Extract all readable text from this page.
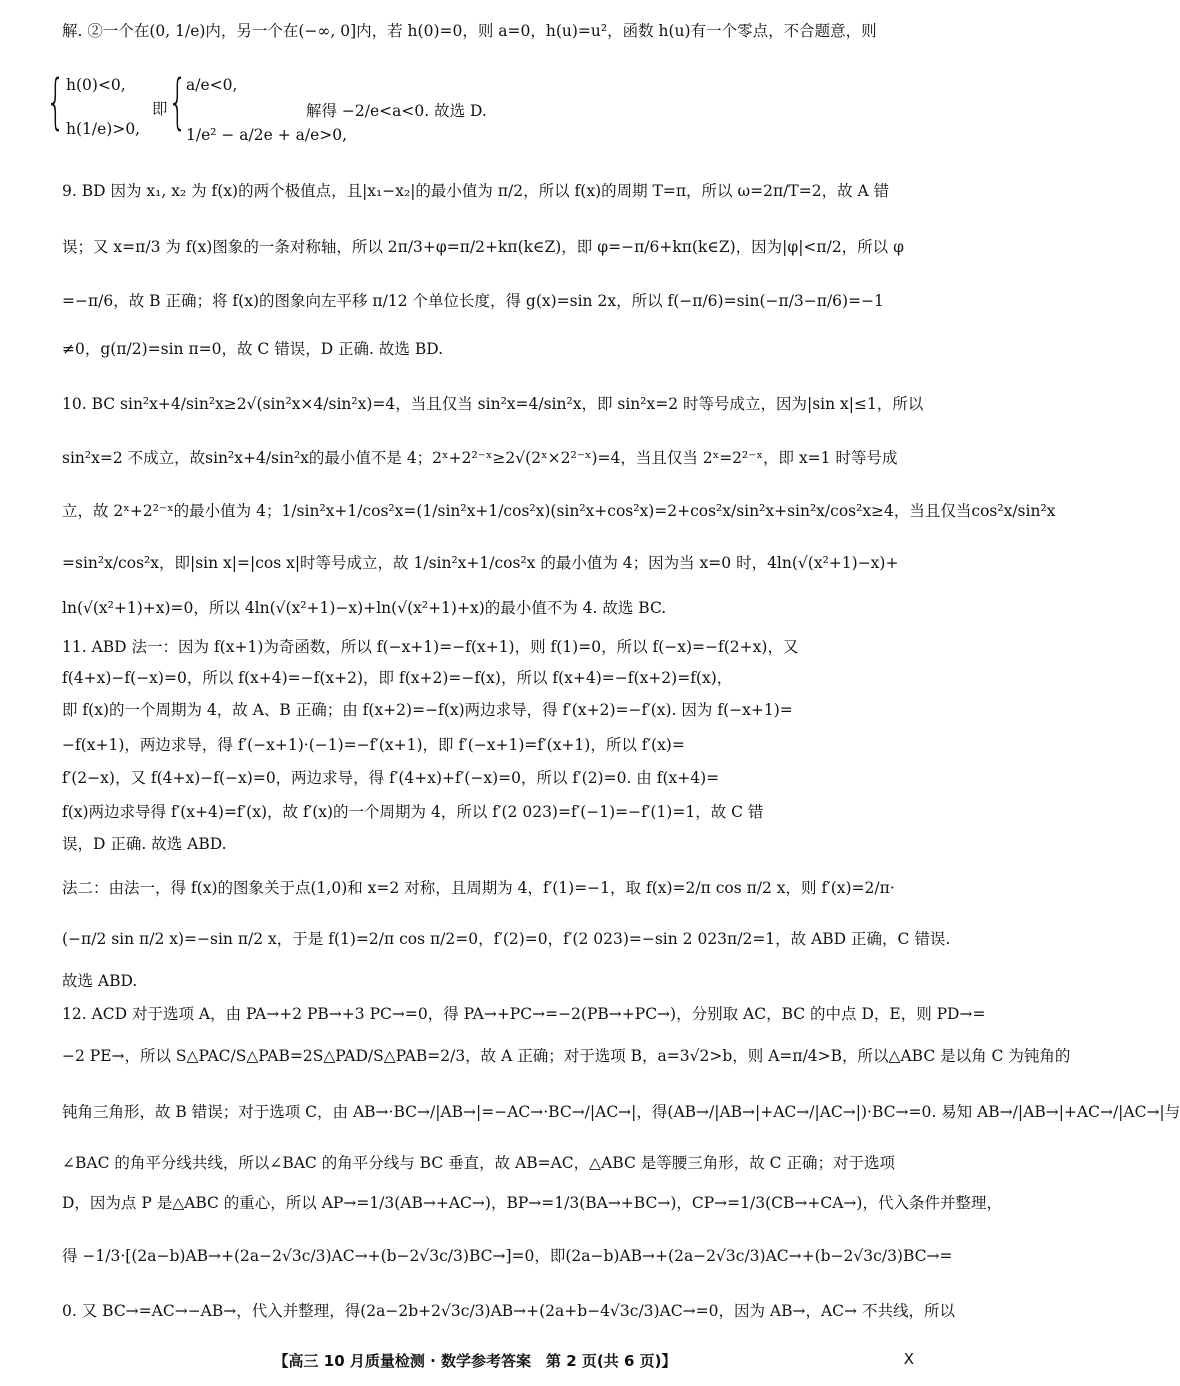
解. ②一个在(0, 1/e)内，另一个在(−∞, 0]内，若 h(0)=0，则 a=0，h(u)=u²，函数 h(u)有一个零点，不合题意，则
{ h(0)<0,
h(1/e)>0,
即 {
a/e<0,
1/e² − a/2e + a/e>0,
解得 −2/e<a<0. 故选 D.
9. BD 因为 x₁, x₂ 为 f(x)的两个极值点，且|x₁−x₂|的最小值为 π/2，所以 f(x)的周期 T=π，所以 ω=2π/T=2，故 A 错
误；又 x=π/3 为 f(x)图象的一条对称轴，所以 2π/3+φ=π/2+kπ(k∈Z)，即 φ=−π/6+kπ(k∈Z)，因为|φ|<π/2，所以 φ
=−π/6，故 B 正确；将 f(x)的图象向左平移 π/12 个单位长度，得 g(x)=sin 2x，所以 f(−π/6)=sin(−π/3−π/6)=−1
≠0，g(π/2)=sin π=0，故 C 错误，D 正确. 故选 BD.
10. BC sin²x+4/sin²x≥2√(sin²x×4/sin²x)=4，当且仅当 sin²x=4/sin²x，即 sin²x=2 时等号成立，因为|sin x|≤1，所以
sin²x=2 不成立，故sin²x+4/sin²x的最小值不是 4；2ˣ+2²⁻ˣ≥2√(2ˣ×2²⁻ˣ)=4，当且仅当 2ˣ=2²⁻ˣ，即 x=1 时等号成
立，故 2ˣ+2²⁻ˣ的最小值为 4；1/sin²x+1/cos²x=(1/sin²x+1/cos²x)(sin²x+cos²x)=2+cos²x/sin²x+sin²x/cos²x≥4，当且仅当cos²x/sin²x
=sin²x/cos²x，即|sin x|=|cos x|时等号成立，故 1/sin²x+1/cos²x 的最小值为 4；因为当 x=0 时，4ln(√(x²+1)−x)+
ln(√(x²+1)+x)=0，所以 4ln(√(x²+1)−x)+ln(√(x²+1)+x)的最小值不为 4. 故选 BC.
11. ABD 法一：因为 f(x+1)为奇函数，所以 f(−x+1)=−f(x+1)，则 f(1)=0，所以 f(−x)=−f(2+x)，又
f(4+x)−f(−x)=0，所以 f(x+4)=−f(x+2)，即 f(x+2)=−f(x)，所以 f(x+4)=−f(x+2)=f(x)，
即 f(x)的一个周期为 4，故 A、B 正确；由 f(x+2)=−f(x)两边求导，得 f′(x+2)=−f′(x). 因为 f(−x+1)=
−f(x+1)，两边求导，得 f′(−x+1)·(−1)=−f′(x+1)，即 f′(−x+1)=f′(x+1)，所以 f′(x)=
f′(2−x)，又 f(4+x)−f(−x)=0，两边求导，得 f′(4+x)+f′(−x)=0，所以 f′(2)=0. 由 f(x+4)=
f(x)两边求导得 f′(x+4)=f′(x)，故 f′(x)的一个周期为 4，所以 f′(2 023)=f′(−1)=−f′(1)=1，故 C 错
误，D 正确. 故选 ABD.
法二：由法一，得 f(x)的图象关于点(1,0)和 x=2 对称，且周期为 4，f′(1)=−1，取 f(x)=2/π cos π/2 x，则 f′(x)=2/π·
(−π/2 sin π/2 x)=−sin π/2 x，于是 f(1)=2/π cos π/2=0，f′(2)=0，f′(2 023)=−sin 2 023π/2=1，故 ABD 正确，C 错误.
故选 ABD.
12. ACD 对于选项 A，由 PA→+2 PB→+3 PC→=0，得 PA→+PC→=−2(PB→+PC→)，分别取 AC，BC 的中点 D，E，则 PD→=
−2 PE→，所以 S△PAC/S△PAB=2S△PAD/S△PAB=2/3，故 A 正确；对于选项 B，a=3√2>b，则 A=π/4>B，所以△ABC 是以角 C 为钝角的
钝角三角形，故 B 错误；对于选项 C，由 AB→·BC→/|AB→|=−AC→·BC→/|AC→|，得(AB→/|AB→|+AC→/|AC→|)·BC→=0. 易知 AB→/|AB→|+AC→/|AC→|与
∠BAC 的角平分线共线，所以∠BAC 的角平分线与 BC 垂直，故 AB=AC，△ABC 是等腰三角形，故 C 正确；对于选项
D，因为点 P 是△ABC 的重心，所以 AP→=1/3(AB→+AC→)，BP→=1/3(BA→+BC→)，CP→=1/3(CB→+CA→)，代入条件并整理，
得 −1/3·[(2a−b)AB→+(2a−2√3c/3)AC→+(b−2√3c/3)BC→]=0，即(2a−b)AB→+(2a−2√3c/3)AC→+(b−2√3c/3)BC→=
0. 又 BC→=AC→−AB→，代入并整理，得(2a−2b+2√3c/3)AB→+(2a+b−4√3c/3)AC→=0，因为 AB→，AC→ 不共线，所以
【高三 10 月质量检测 · 数学参考答案　第 2 页(共 6 页)】	X
